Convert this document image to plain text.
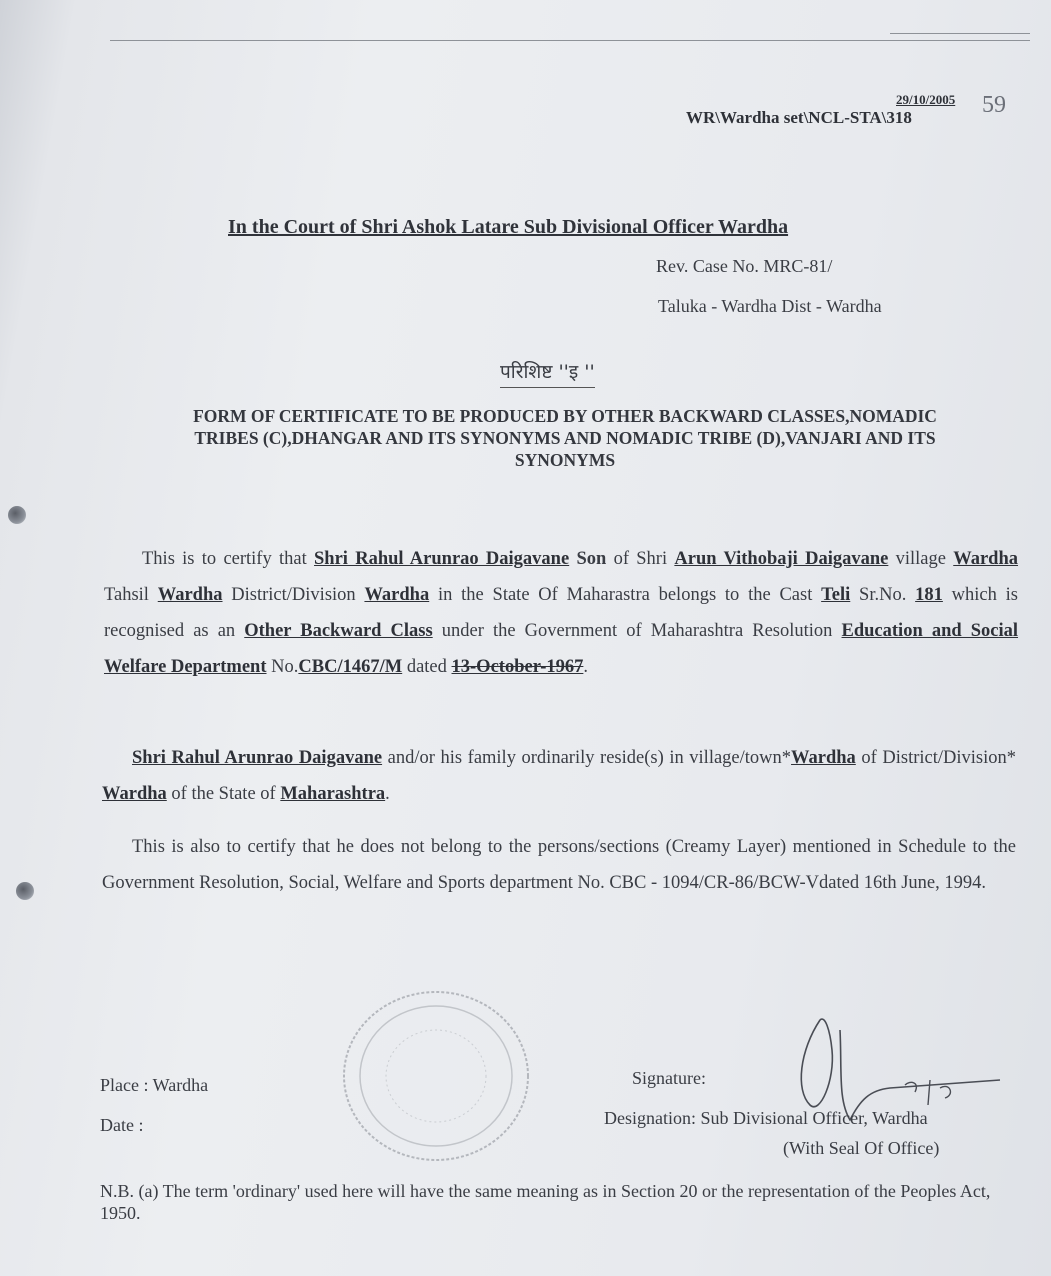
29/10/2005 59
WR\Wardha set\NCL-STA\318
In the Court of Shri Ashok Latare Sub Divisional Officer Wardha
Rev. Case No. MRC-81/
Taluka - Wardha Dist - Wardha
परिशिष्ट ''इ ''
FORM OF CERTIFICATE TO BE PRODUCED BY OTHER BACKWARD CLASSES,NOMADIC
TRIBES (C),DHANGAR AND ITS SYNONYMS AND NOMADIC TRIBE (D),VANJARI AND ITS
SYNONYMS

This is to certify that Shri Rahul Arunrao Daigavane Son of Shri Arun Vithobaji Daigavane village Wardha Tahsil Wardha District/Division Wardha in the State Of Maharastra belongs to the Cast Teli Sr.No. 181 which is recognised as an Other Backward Class under the Government of Maharashtra Resolution Education and Social Welfare Department No.CBC/1467/M dated 13-October-1967.

Shri Rahul Arunrao Daigavane and/or his family ordinarily reside(s) in village/town*Wardha of District/Division* Wardha of the State of Maharashtra.

This is also to certify that he does not belong to the persons/sections (Creamy Layer) mentioned in Schedule to the Government Resolution, Social, Welfare and Sports department No. CBC - 1094/CR-86/BCW-Vdated 16th June, 1994.

Place : Wardha
Date :
Signature:
Designation: Sub Divisional Officer, Wardha
(With Seal Of Office)
N.B. (a) The term 'ordinary' used here will have the same meaning as in Section 20 or the representation of the Peoples Act, 1950.
